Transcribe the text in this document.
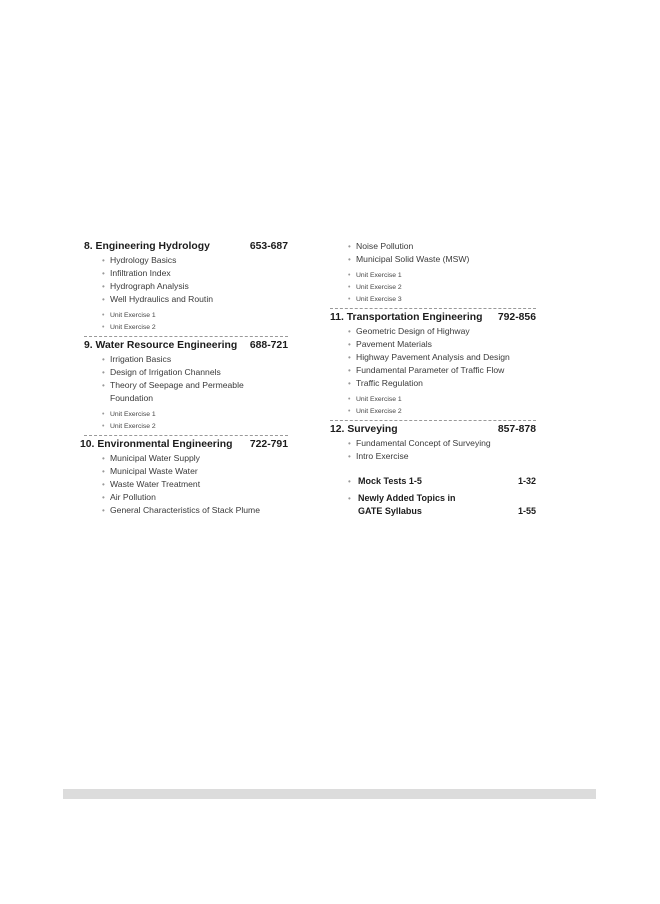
8. Engineering Hydrology	653-687
• Hydrology Basics
• Infiltration Index
• Hydrograph Analysis
• Well Hydraulics and Routin
• Unit Exercise 1
• Unit Exercise 2
9. Water Resource Engineering 688-721
• Irrigation Basics
• Design of Irrigation Channels
• Theory of Seepage and Permeable
Foundation
• Unit Exercise 1
• Unit Exercise 2
10. Environmental Engineering 722-791
• Municipal Water Supply
• Municipal Waste Water
• Waste Water Treatment
• Air Pollution
• General Characteristics of Stack Plume
• Noise Pollution
• Municipal Solid Waste (MSW)
• Unit Exercise 1
• Unit Exercise 2
• Unit Exercise 3
11. Transportation Engineering 792-856
• Geometric Design of Highway
• Pavement Materials
• Highway Pavement Analysis and Design
• Fundamental Parameter of Traffic Flow
• Traffic Regulation
• Unit Exercise 1
• Unit Exercise 2
12. Surveying	857-878
• Fundamental Concept of Surveying
• Intro Exercise
• Mock Tests 1-5	1-32
• Newly Added Topics in
GATE Syllabus	1-55
